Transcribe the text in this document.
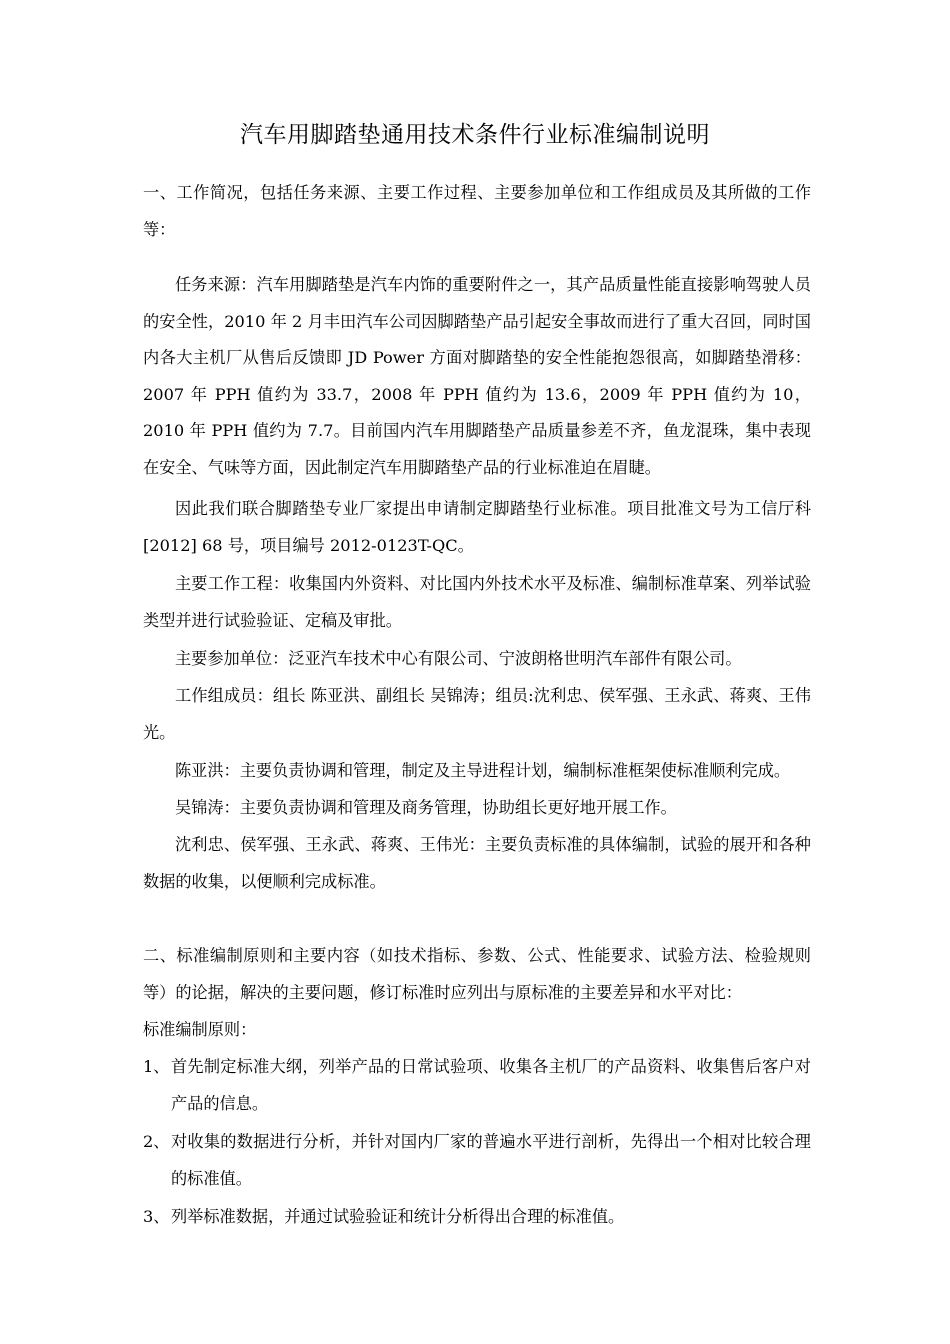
汽车用脚踏垫通用技术条件行业标准编制说明

一、工作简况，包括任务来源、主要工作过程、主要参加单位和工作组成员及其所做的工作等：

任务来源：汽车用脚踏垫是汽车内饰的重要附件之一，其产品质量性能直接影响驾驶人员的安全性，2010 年 2 月丰田汽车公司因脚踏垫产品引起安全事故而进行了重大召回，同时国内各大主机厂从售后反馈即 JD Power 方面对脚踏垫的安全性能抱怨很高，如脚踏垫滑移：2007 年 PPH 值约为 33.7，2008 年 PPH 值约为 13.6，2009 年 PPH 值约为 10，2010 年 PPH 值约为 7.7。目前国内汽车用脚踏垫产品质量参差不齐，鱼龙混珠，集中表现在安全、气味等方面，因此制定汽车用脚踏垫产品的行业标准迫在眉睫。

因此我们联合脚踏垫专业厂家提出申请制定脚踏垫行业标准。项目批准文号为工信厅科[2012] 68 号，项目编号 2012-0123T-QC。

主要工作工程：收集国内外资料、对比国内外技术水平及标准、编制标准草案、列举试验类型并进行试验验证、定稿及审批。

主要参加单位：泛亚汽车技术中心有限公司、宁波朗格世明汽车部件有限公司。

工作组成员：组长 陈亚洪、副组长 吴锦涛；组员:沈利忠、侯军强、王永武、蒋爽、王伟光。

陈亚洪：主要负责协调和管理，制定及主导进程计划，编制标准框架使标准顺利完成。

吴锦涛：主要负责协调和管理及商务管理，协助组长更好地开展工作。

沈利忠、侯军强、王永武、蒋爽、王伟光：主要负责标准的具体编制，试验的展开和各种数据的收集，以便顺利完成标准。

二、标准编制原则和主要内容（如技术指标、参数、公式、性能要求、试验方法、检验规则等）的论据，解决的主要问题，修订标准时应列出与原标准的主要差异和水平对比：

标准编制原则：

1、 首先制定标准大纲，列举产品的日常试验项、收集各主机厂的产品资料、收集售后客户对产品的信息。
2、 对收集的数据进行分析，并针对国内厂家的普遍水平进行剖析，先得出一个相对比较合理的标准值。
3、 列举标准数据，并通过试验验证和统计分析得出合理的标准值。
